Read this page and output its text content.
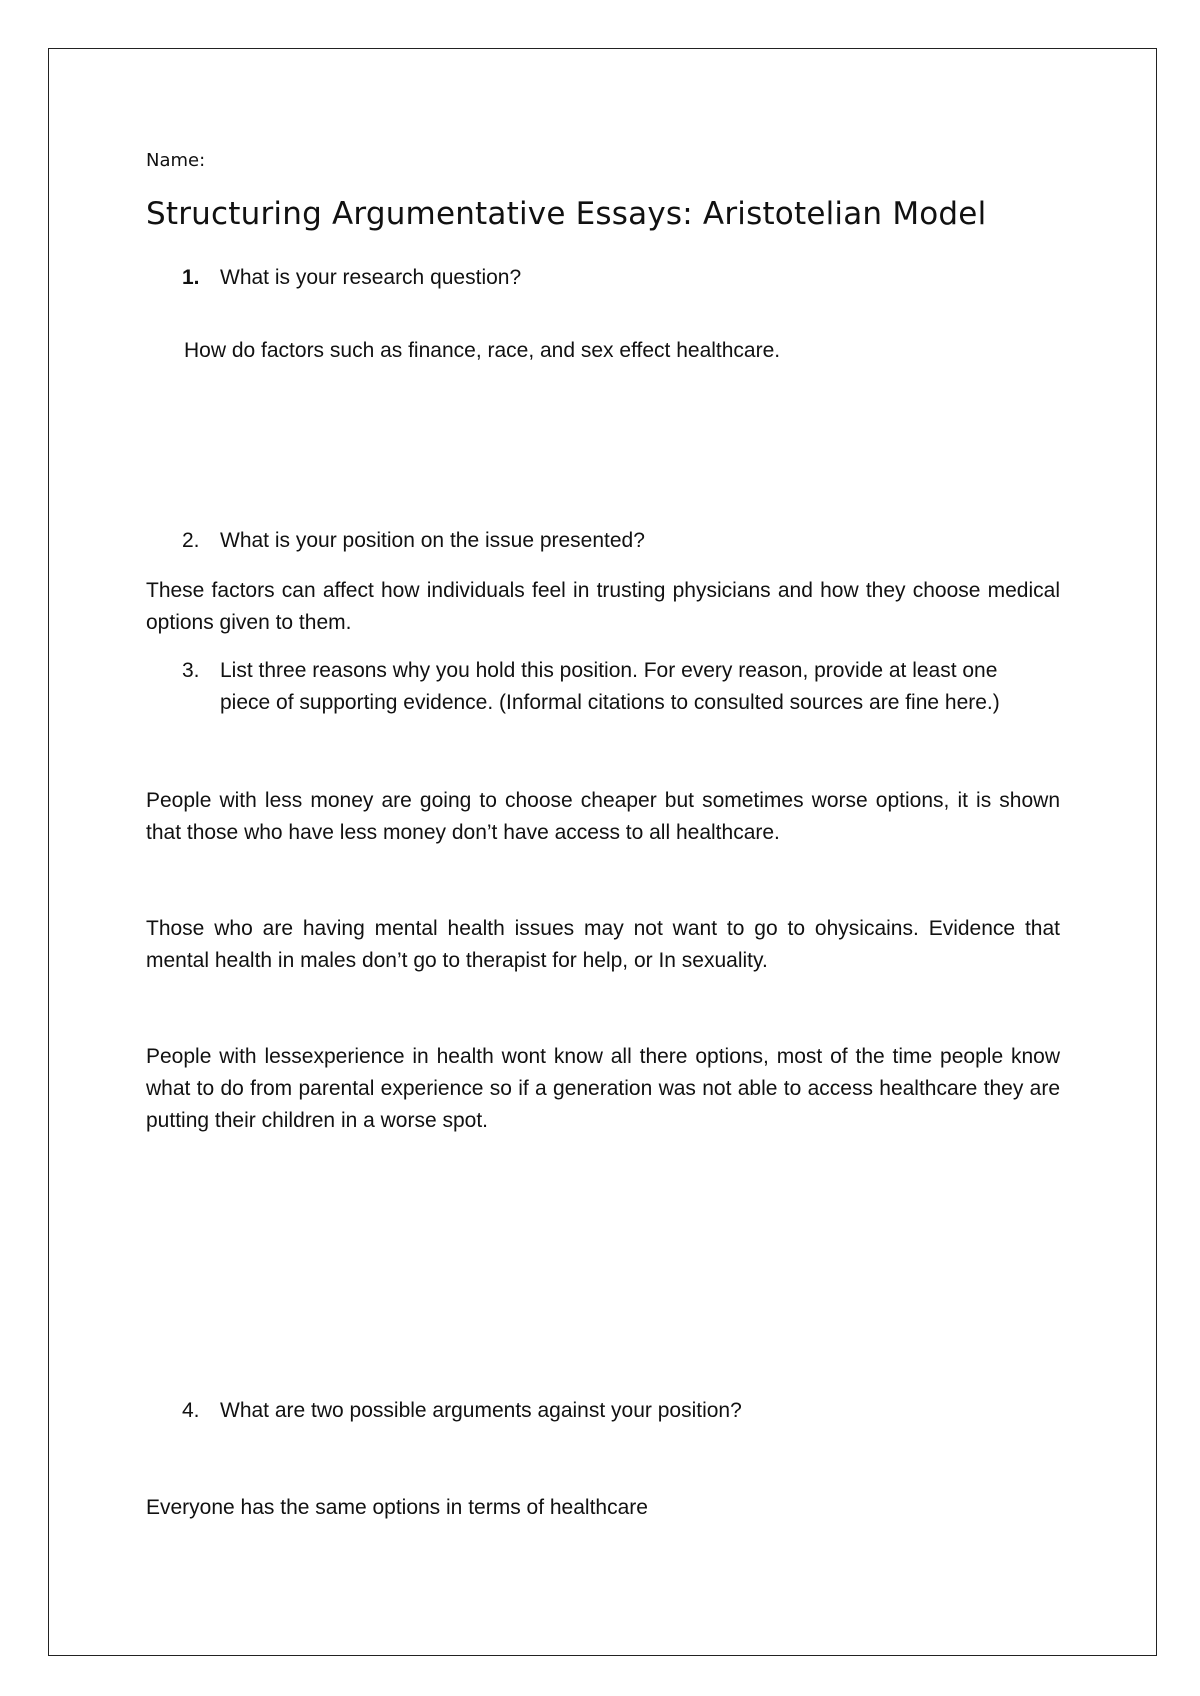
Name:
Structuring Argumentative Essays: Aristotelian Model
1. What is your research question?
How do factors such as finance, race, and sex effect healthcare.
2. What is your position on the issue presented?
These factors can affect how individuals feel in trusting physicians and how they choose medical options given to them.
3. List three reasons why you hold this position. For every reason, provide at least one piece of supporting evidence. (Informal citations to consulted sources are fine here.)
People with less money are going to choose cheaper but sometimes worse options, it is shown that those who have less money don’t have access to all healthcare.
Those who are having mental health issues may not want to go to ohysicains. Evidence that mental health in males don’t go to therapist for help, or In sexuality.
People with lessexperience in health wont know all there options, most of the time people know what to do from parental experience so if a generation was not able to access healthcare they are putting their children in a worse spot.
4. What are two possible arguments against your position?
Everyone has the same options in terms of healthcare
